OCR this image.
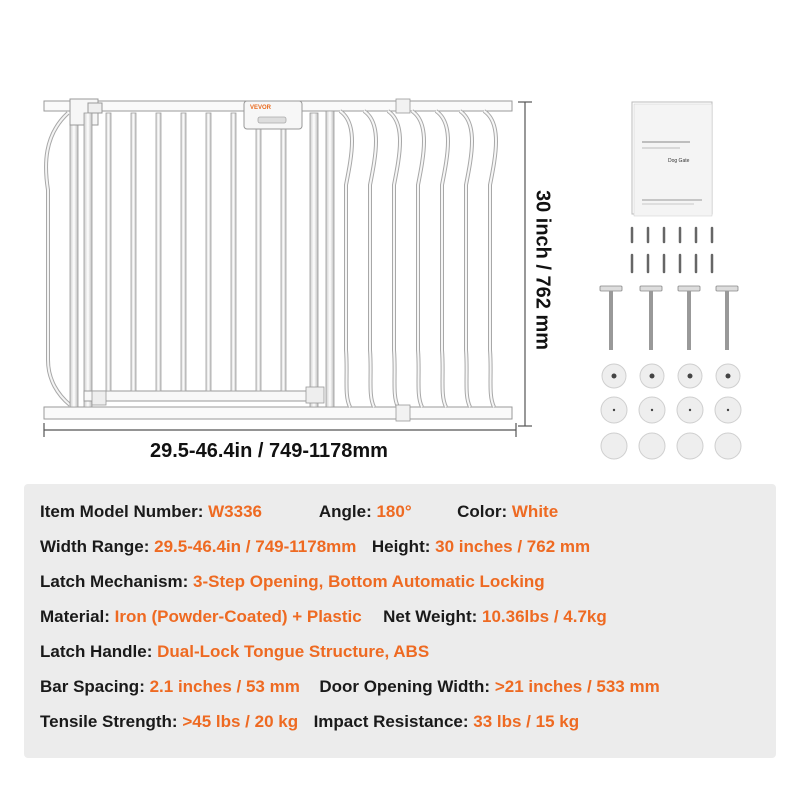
VEVOR
29.5-46.4in / 749-1178mm
30 inch / 762 mm
Dog Gate
Item Model Number: W3336	Angle: 180°	Color: White
Width Range: 29.5-46.4in / 749-1178mm Height: 30 inches / 762 mm
Latch Mechanism: 3-Step Opening, Bottom Automatic Locking
Material: Iron (Powder-Coated) + Plastic Net Weight: 10.36lbs / 4.7kg
Latch Handle: Dual-Lock Tongue Structure, ABS
Bar Spacing: 2.1 inches / 53 mm Door Opening Width: >21 inches / 533 mm
Tensile Strength: >45 lbs / 20 kg Impact Resistance: 33 lbs / 15 kg
